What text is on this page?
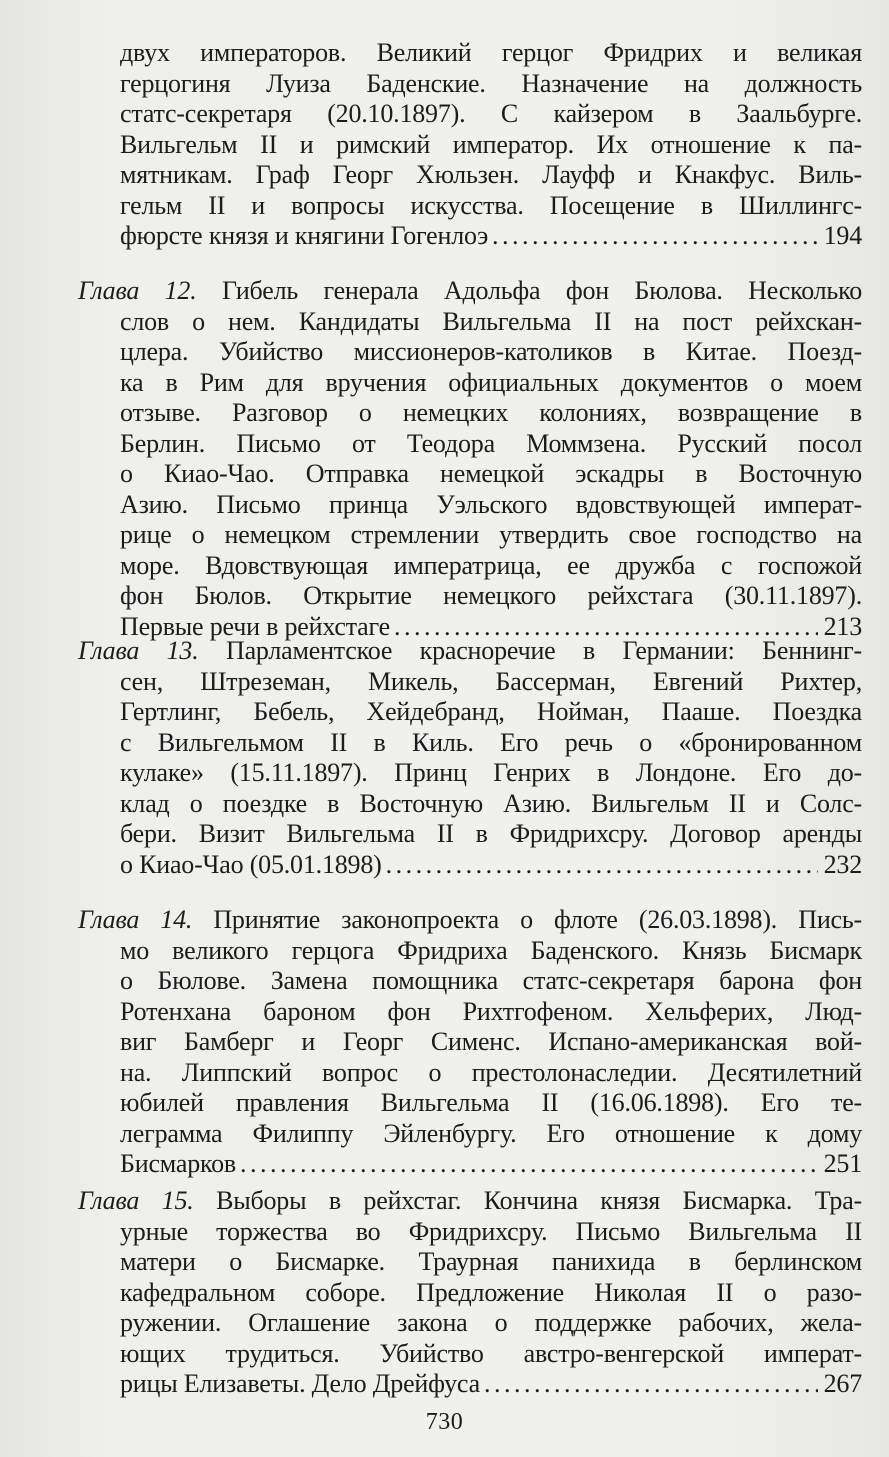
двух императоров. Великий герцог Фридрих и великая
герцогиня Луиза Баденские. Назначение на должность
статс-секретаря (20.10.1897). С кайзером в Заальбурге.
Вильгельм II и римский император. Их отношение к па-
мятникам. Граф Георг Хюльзен. Лауфф и Кнакфус. Виль-
гельм II и вопросы искусства. Посещение в Шиллингс-
фюрсте князя и княгини Гогенлоэ . . .	194
Глава 12. Гибель генерала Адольфа фон Бюлова. Несколько
слов о нем. Кандидаты Вильгельма II на пост рейхскан-
цлера. Убийство миссионеров-католиков в Китае. Поезд-
ка в Рим для вручения официальных документов о моем
отзыве. Разговор о немецких колониях, возвращение в
Берлин. Письмо от Теодора Моммзена. Русский посол
о Киао-Чао. Отправка немецкой эскадры в Восточную
Азию. Письмо принца Уэльского вдовствующей императ-
рице о немецком стремлении утвердить свое господство на
море. Вдовствующая императрица, ее дружба с госпожой
фон Бюлов. Открытие немецкого рейхстага (30.11.1897).
Первые речи в рейхстаге . . .	213
Глава 13. Парламентское красноречие в Германии: Беннинг-
сен, Штреземан, Микель, Бассерман, Евгений Рихтер,
Гертлинг, Бебель, Хейдебранд, Нойман, Пааше. Поездка
с Вильгельмом II в Киль. Его речь о «бронированном
кулаке» (15.11.1897). Принц Генрих в Лондоне. Его до-
клад о поездке в Восточную Азию. Вильгельм II и Солс-
бери. Визит Вильгельма II в Фридрихсру. Договор аренды
о Киао-Чао (05.01.1898) . . .	232
Глава 14. Принятие законопроекта о флоте (26.03.1898). Пись-
мо великого герцога Фридриха Баденского. Князь Бисмарк
о Бюлове. Замена помощника статс-секретаря барона фон
Ротенхана бароном фон Рихтгофеном. Хельферих, Люд-
виг Бамберг и Георг Сименс. Испано-американская вой-
на. Липпский вопрос о престолонаследии. Десятилетний
юбилей правления Вильгельма II (16.06.1898). Его те-
леграмма Филиппу Эйленбургу. Его отношение к дому
Бисмарков . . .	251
Глава 15. Выборы в рейхстаг. Кончина князя Бисмарка. Тра-
урные торжества во Фридрихсру. Письмо Вильгельма II
матери о Бисмарке. Траурная панихида в берлинском
кафедральном соборе. Предложение Николая II о разо-
ружении. Оглашение закона о поддержке рабочих, жела-
ющих трудиться. Убийство австро-венгерской императ-
рицы Елизаветы. Дело Дрейфуса . . .	267
730
